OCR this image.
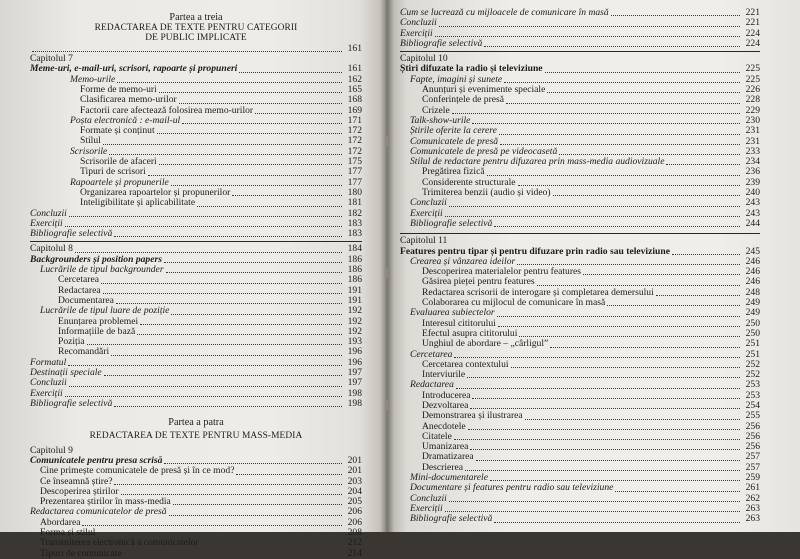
Partea a treia
REDACTAREA DE TEXTE PENTRU CATEGORII
DE PUBLIC IMPLICATE
161
Capitolul 7
Meme-uri, e-mail-uri, scrisori, rapoarte și propuneri	161
Memo-urile	162
Forme de memo-uri	165
Clasificarea memo-urilor	168
Factorii care afectează folosirea memo-urilor	169
Poșta electronică : e-mail-ul	171
Formate și conținut	172
Stilul	172
Scrisorile	172
Scrisorile de afaceri	175
Tipuri de scrisori	177
Rapoartele și propunerile	177
Organizarea rapoartelor și propunerilor	180
Inteligibilitate și aplicabilitate	181
Concluzii	182
Exerciții	183
Bibliografie selectivă	183
Capitolul 8	184
Backgrounders și position papers	186
Lucrările de tipul backgrounder	186
Cercetarea	186
Redactarea	191
Documentarea	191
Lucrările de tipul luare de poziție	192
Enunțarea problemei	192
Informațiile de bază	192
Poziția	193
Recomandări	196
Formatul	196
Destinații speciale	197
Concluzii	197
Exerciții	198
Bibliografie selectivă	198
Partea a patra
REDACTAREA DE TEXTE PENTRU MASS-MEDIA
Capitolul 9
Comunicatele pentru presa scrisă	201
Cine primește comunicatele de presă și în ce mod?	201
Ce înseamnă știre?	203
Descoperirea știrilor	204
Prezentarea știrilor în mass-media	205
Redactarea comunicatelor de presă	206
Abordarea	206
Forma și stilul	208
Transmiterea electronică a comunicatelor	212
Tipuri de comunicate	214
Cum se lucrează cu mijloacele de comunicare în masă	221
Concluzii	221
Exerciții	224
Bibliografie selectivă	224
Capitolul 10
Știri difuzate la radio și televiziune	225
Fapte, imagini și sunete	225
Anunțuri și evenimente speciale	226
Conferințele de presă	228
Crizele	229
Talk-show-urile	230
Știrile oferite la cerere	231
Comunicatele de presă	231
Comunicatele de presă pe videocasetă	233
Stilul de redactare pentru difuzarea prin mass-media audiovizuale	234
Pregătirea fizică	236
Considerente structurale	239
Trimiterea benzii (audio și video)	240
Concluzii	243
Exerciții	243
Bibliografie selectivă	244
Capitolul 11
Features pentru tipar și pentru difuzare prin radio sau televiziune	245
Crearea și vânzarea ideilor	246
Descoperirea materialelor pentru features	246
Găsirea pieței pentru features	246
Redactarea scrisorii de interogare și completarea demersului	248
Colaborarea cu mijlocul de comunicare în masă	249
Evaluarea subiectelor	249
Interesul cititorului	250
Efectul asupra cititorului	250
Unghiul de abordare – „cârligul”	251
Cercetarea	251
Cercetarea contextului	252
Interviurile	252
Redactarea	253
Introducerea	253
Dezvoltarea	254
Demonstrarea și ilustrarea	255
Anecdotele	256
Citatele	256
Umanizarea	256
Dramatizarea	257
Descrierea	257
Mini-documentarele	259
Documentare și features pentru radio sau televiziune	261
Concluzii	262
Exerciții	263
Bibliografie selectivă	263
